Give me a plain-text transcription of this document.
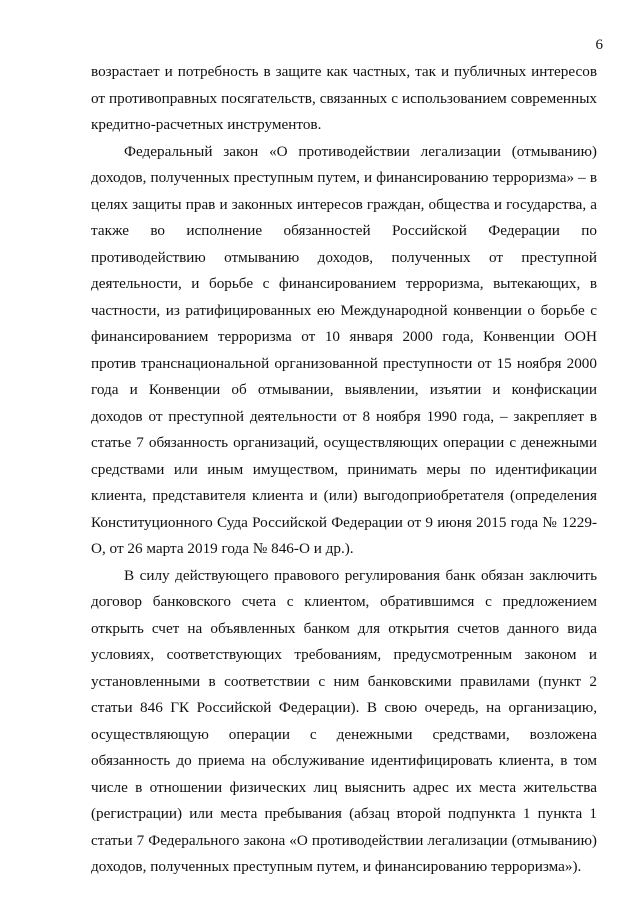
6
возрастает и потребность в защите как частных, так и публичных интересов
от противоправных посягательств, связанных с использованием современных
кредитно-расчетных инструментов.
Федеральный закон «О противодействии легализации (отмыванию)
доходов, полученных преступным путем, и финансированию терроризма» – в
целях защиты прав и законных интересов граждан, общества и государства, а
также во исполнение обязанностей Российской Федерации по
противодействию отмыванию доходов, полученных от преступной
деятельности, и борьбе с финансированием терроризма, вытекающих, в
частности, из ратифицированных ею Международной конвенции о борьбе с
финансированием терроризма от 10 января 2000 года, Конвенции ООН
против транснациональной организованной преступности от 15 ноября 2000
года и Конвенции об отмывании, выявлении, изъятии и конфискации
доходов от преступной деятельности от 8 ноября 1990 года, – закрепляет в
статье 7 обязанность организаций, осуществляющих операции с денежными
средствами или иным имуществом, принимать меры по идентификации
клиента, представителя клиента и (или) выгодоприобретателя (определения
Конституционного Суда Российской Федерации от 9 июня 2015 года № 1229-
О, от 26 марта 2019 года № 846-О и др.).
В силу действующего правового регулирования банк обязан заключить
договор банковского счета с клиентом, обратившимся с предложением
открыть счет на объявленных банком для открытия счетов данного вида
условиях, соответствующих требованиям, предусмотренным законом и
установленными в соответствии с ним банковскими правилами (пункт 2
статьи 846 ГК Российской Федерации). В свою очередь, на организацию,
осуществляющую операции с денежными средствами, возложена
обязанность до приема на обслуживание идентифицировать клиента, в том
числе в отношении физических лиц выяснить адрес их места жительства
(регистрации) или места пребывания (абзац второй подпункта 1 пункта 1
статьи 7 Федерального закона «О противодействии легализации (отмыванию)
доходов, полученных преступным путем, и финансированию терроризма»).
